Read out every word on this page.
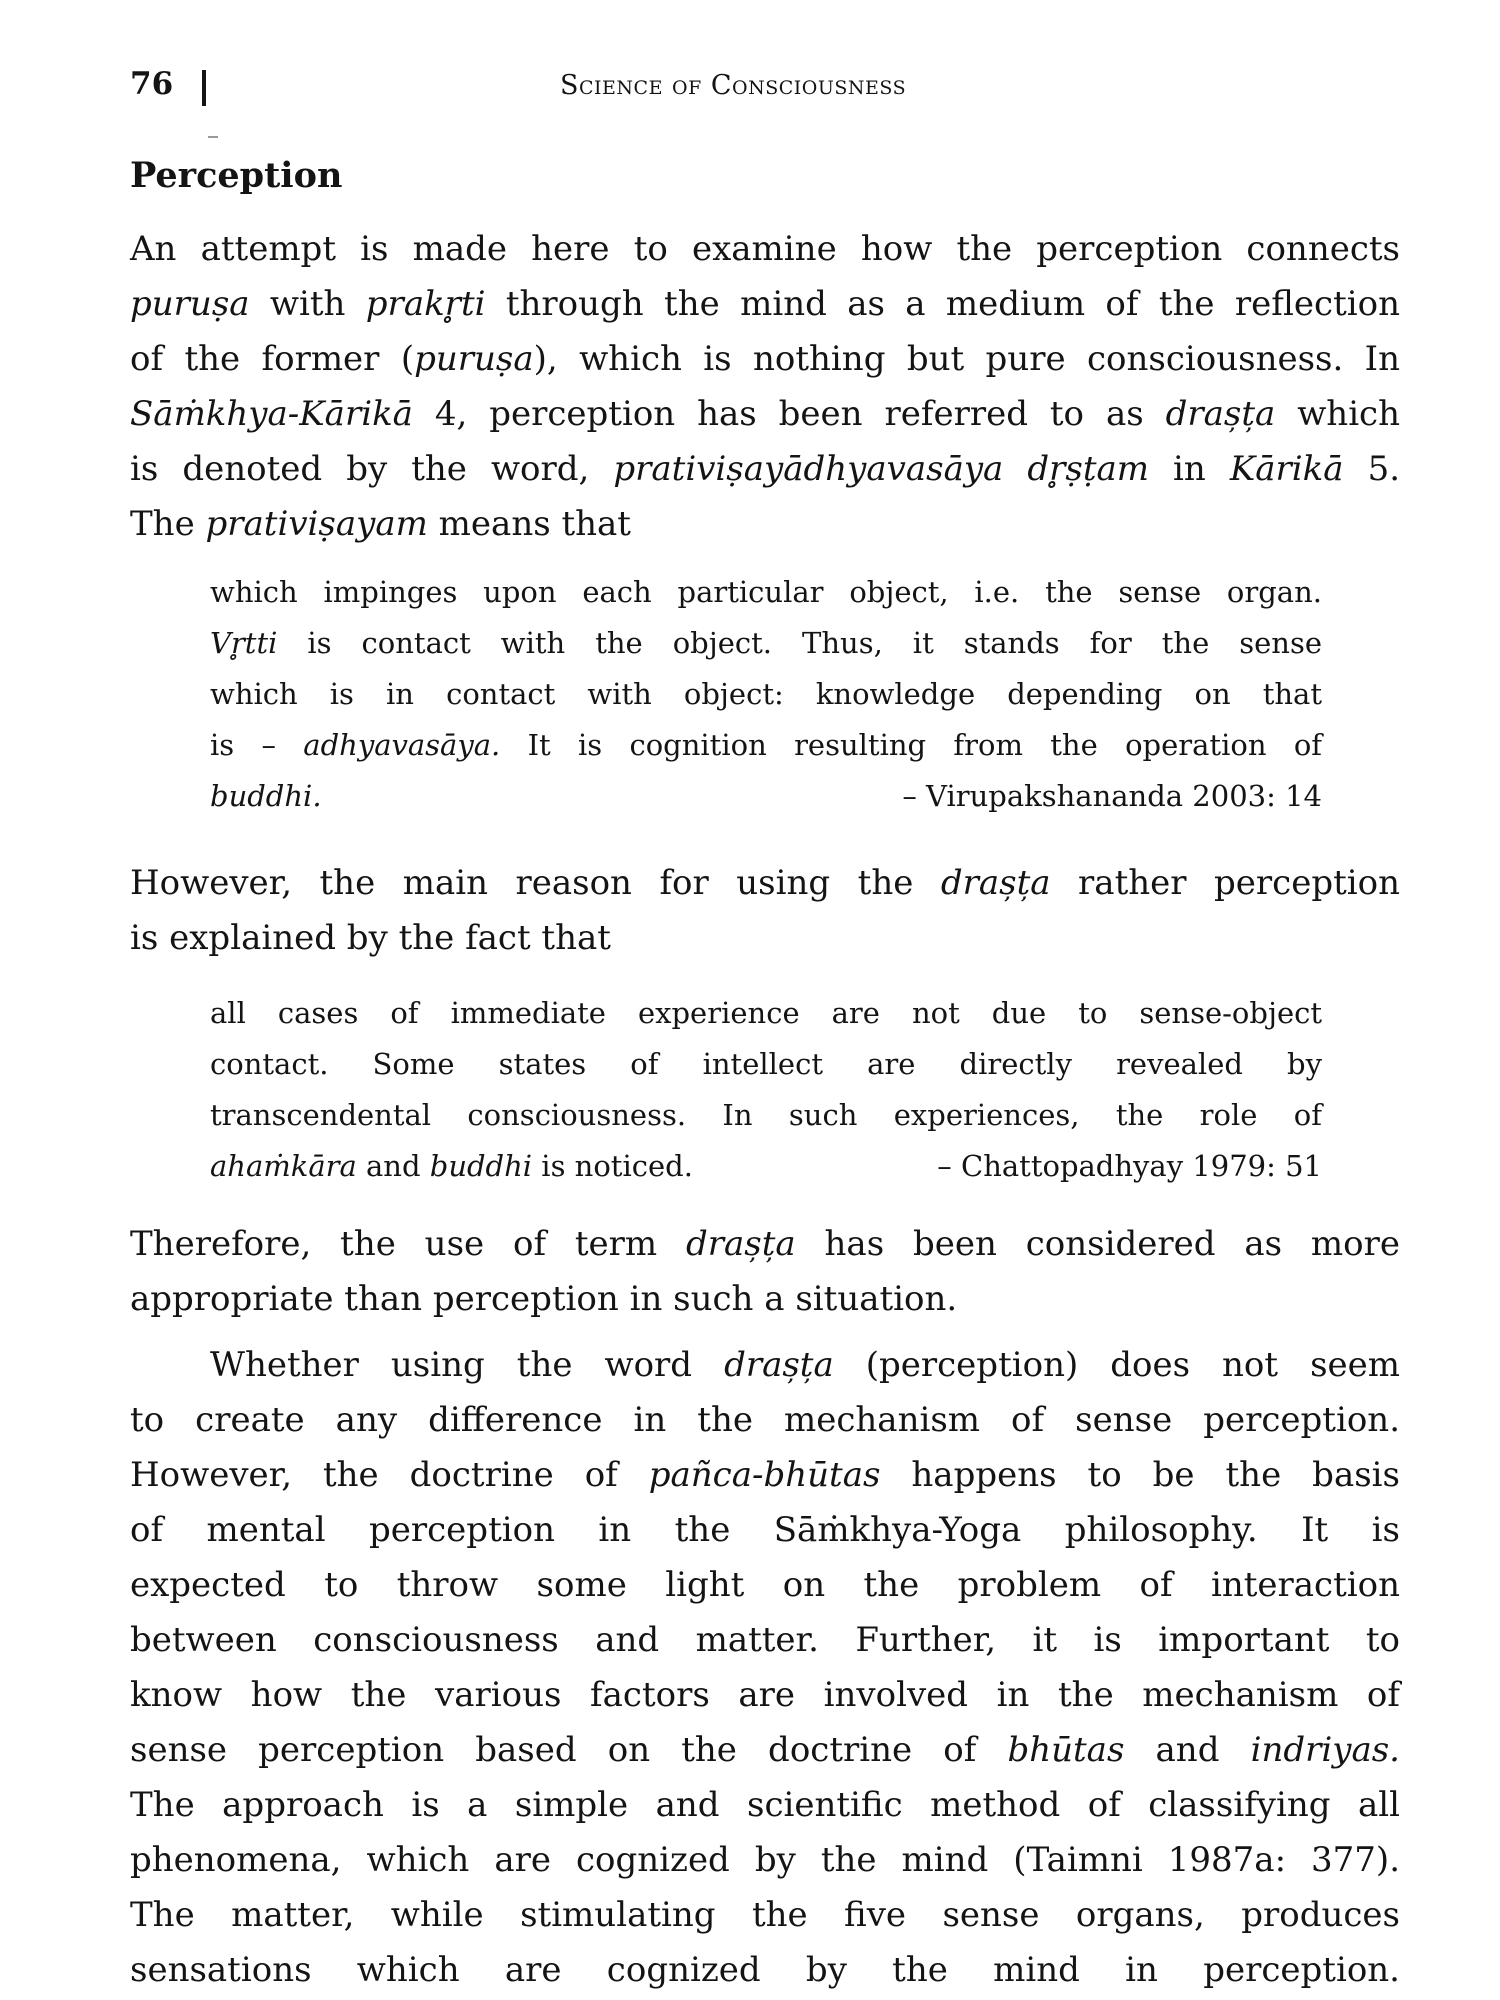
76	Science of Consciousness
Perception
An attempt is made here to examine how the perception connects
puruṣa with prakr̥ti through the mind as a medium of the reflection
of the former (puruṣa), which is nothing but pure consciousness. In
Sāṁkhya-Kārikā 4, perception has been referred to as drașța which
is denoted by the word, prativiṣayādhyavasāya dr̥ṣṭam in Kārikā 5.
The prativiṣayam means that
which impinges upon each particular object, i.e. the sense organ.
Vr̥tti is contact with the object. Thus, it stands for the sense
which is in contact with object: knowledge depending on that
is – adhyavasāya. It is cognition resulting from the operation of
buddhi.	– Virupakshananda 2003: 14
However, the main reason for using the drașța rather perception
is explained by the fact that
all cases of immediate experience are not due to sense-object
contact. Some states of intellect are directly revealed by
transcendental consciousness. In such experiences, the role of
ahaṁkāra and buddhi is noticed.	– Chattopadhyay 1979: 51
Therefore, the use of term drașța has been considered as more
appropriate than perception in such a situation.
Whether using the word drașța (perception) does not seem
to create any difference in the mechanism of sense perception.
However, the doctrine of pañca-bhūtas happens to be the basis
of mental perception in the Sāṁkhya-Yoga philosophy. It is
expected to throw some light on the problem of interaction
between consciousness and matter. Further, it is important to
know how the various factors are involved in the mechanism of
sense perception based on the doctrine of bhūtas and indriyas.
The approach is a simple and scientific method of classifying all
phenomena, which are cognized by the mind (Taimni 1987a: 377).
The matter, while stimulating the five sense organs, produces
sensations which are cognized by the mind in perception.
